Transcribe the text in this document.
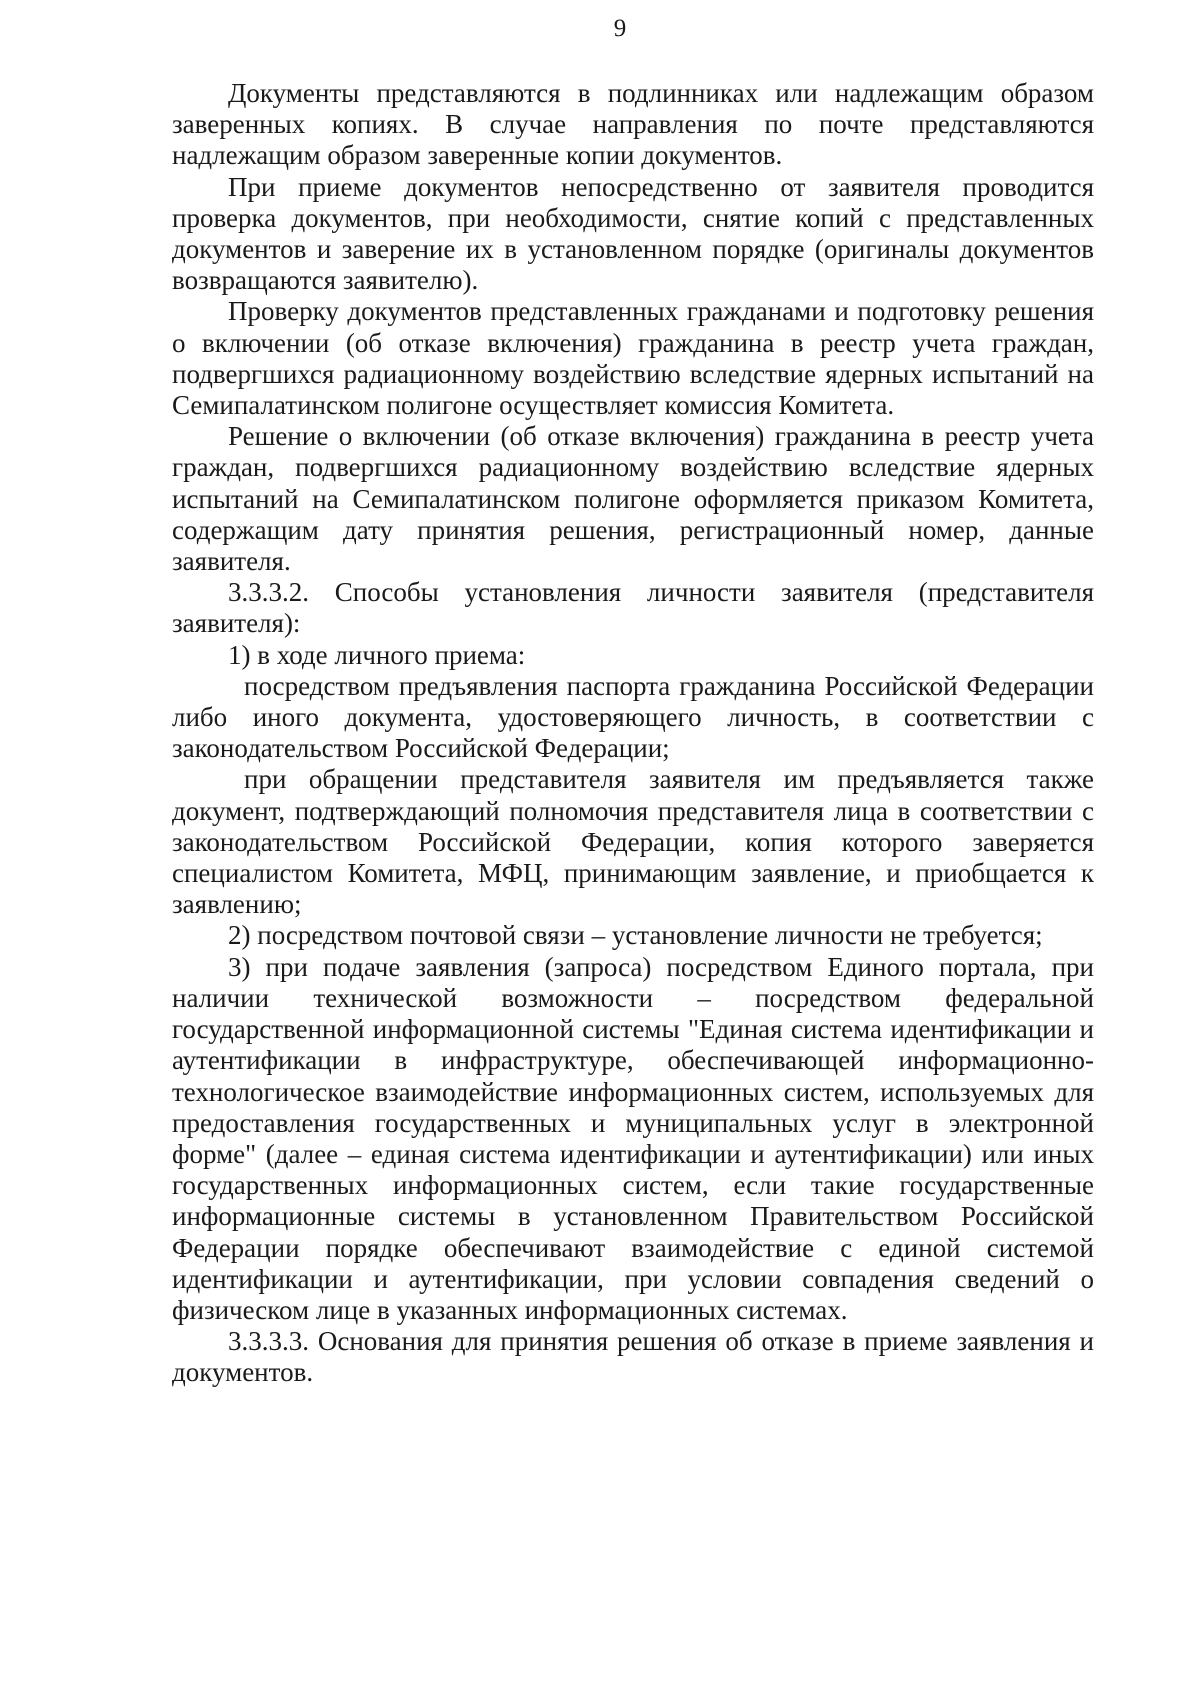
9

Документы представляются в подлинниках или надлежащим образом заверенных копиях. В случае направления по почте представляются надлежащим образом заверенные копии документов.

При приеме документов непосредственно от заявителя проводится проверка документов, при необходимости, снятие копий с представленных документов и заверение их в установленном порядке (оригиналы документов возвращаются заявителю).

Проверку документов представленных гражданами и подготовку решения о включении (об отказе включения) гражданина в реестр учета граждан, подвергшихся радиационному воздействию вследствие ядерных испытаний на Семипалатинском полигоне осуществляет комиссия Комитета.

Решение о включении (об отказе включения) гражданина в реестр учета граждан, подвергшихся радиационному воздействию вследствие ядерных испытаний на Семипалатинском полигоне оформляется приказом Комитета, содержащим дату принятия решения, регистрационный номер, данные заявителя.

3.3.3.2. Способы установления личности заявителя (представителя заявителя):

1) в ходе личного приема:

посредством предъявления паспорта гражданина Российской Федерации либо иного документа, удостоверяющего личность, в соответствии с законодательством Российской Федерации;

при обращении представителя заявителя им предъявляется также документ, подтверждающий полномочия представителя лица в соответствии с законодательством Российской Федерации, копия которого заверяется специалистом Комитета, МФЦ, принимающим заявление, и приобщается к заявлению;

2) посредством почтовой связи – установление личности не требуется;

3) при подаче заявления (запроса) посредством Единого портала, при наличии технической возможности – посредством федеральной государственной информационной системы "Единая система идентификации и аутентификации в инфраструктуре, обеспечивающей информационно-технологическое взаимодействие информационных систем, используемых для предоставления государственных и муниципальных услуг в электронной форме" (далее – единая система идентификации и аутентификации) или иных государственных информационных систем, если такие государственные информационные системы в установленном Правительством Российской Федерации порядке обеспечивают взаимодействие с единой системой идентификации и аутентификации, при условии совпадения сведений о физическом лице в указанных информационных системах.

3.3.3.3. Основания для принятия решения об отказе в приеме заявления и документов.
